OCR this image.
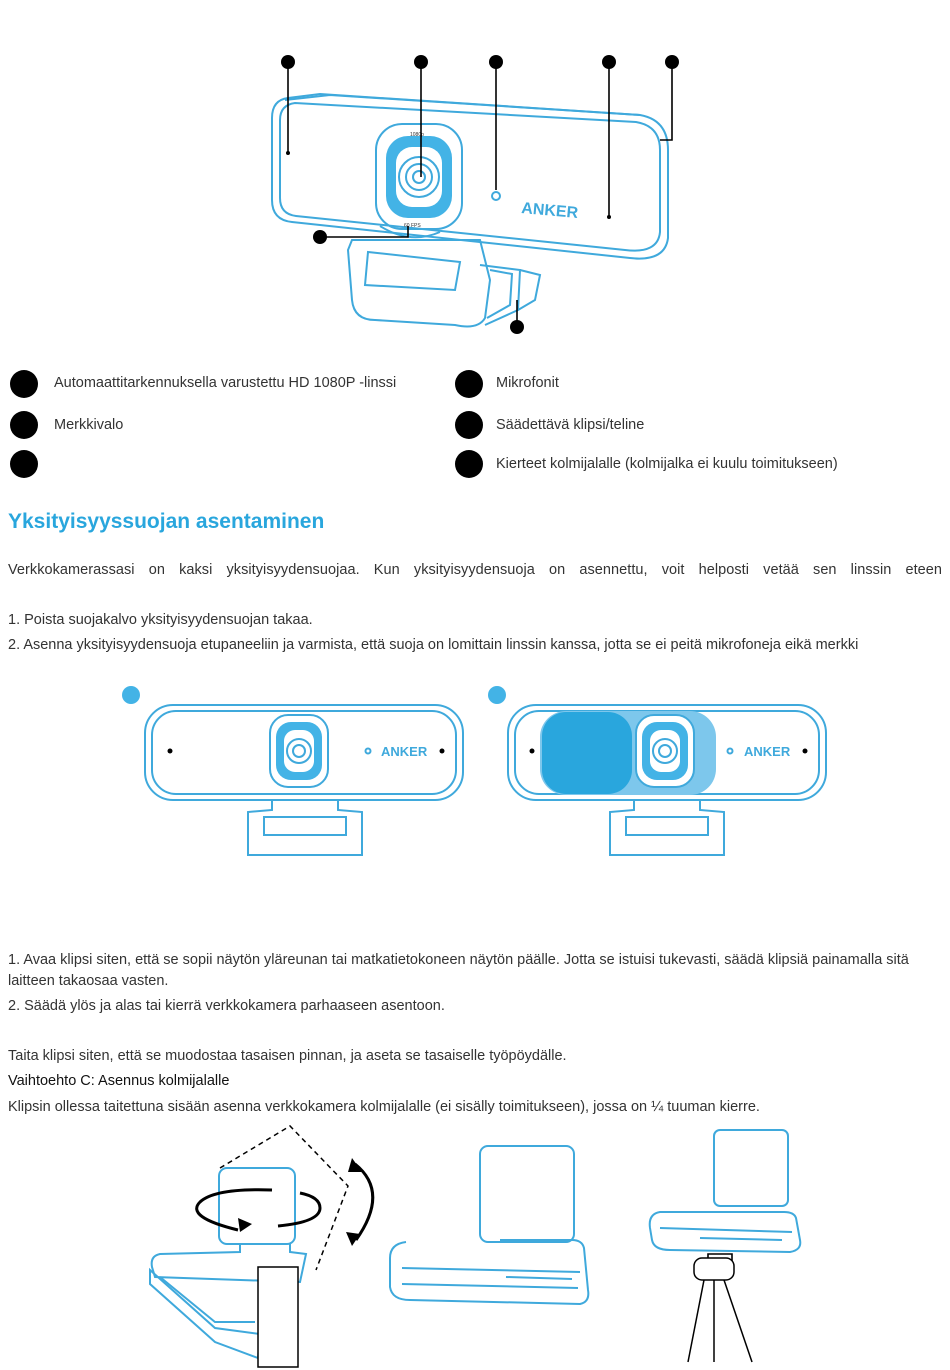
1080p
60 FPS
ANKER
Automaattitarkennuksella varustettu HD 1080P -linssi
Merkkivalo
Mikrofonit
Säädettävä klipsi/teline
Kierteet kolmijalalle (kolmijalka ei kuulu toimitukseen)
Yksityisyyssuojan asentaminen
Verkkokamerassasi on kaksi yksityisyydensuojaa. Kun yksityisyydensuoja on asennettu, voit helposti vetää sen linssin eteen
1. Poista suojakalvo yksityisyydensuojan takaa.
2. Asenna yksityisyydensuoja etupaneeliin ja varmista, että suoja on lomittain linssin kanssa, jotta se ei peitä mikrofoneja eikä merkki
ANKER	ANKER
1. Avaa klipsi siten, että se sopii näytön yläreunan tai matkatietokoneen näytön päälle. Jotta se istuisi tukevasti, säädä klipsiä painamalla sitä laitteen takaosaa vasten.
2. Säädä ylös ja alas tai kierrä verkkokamera parhaaseen asentoon.
Taita klipsi siten, että se muodostaa tasaisen pinnan, ja aseta se tasaiselle työpöydälle.
Vaihtoehto C: Asennus kolmijalalle
Klipsin ollessa taitettuna sisään asenna verkkokamera kolmijalalle (ei sisälly toimitukseen), jossa on ¼ tuuman kierre.
